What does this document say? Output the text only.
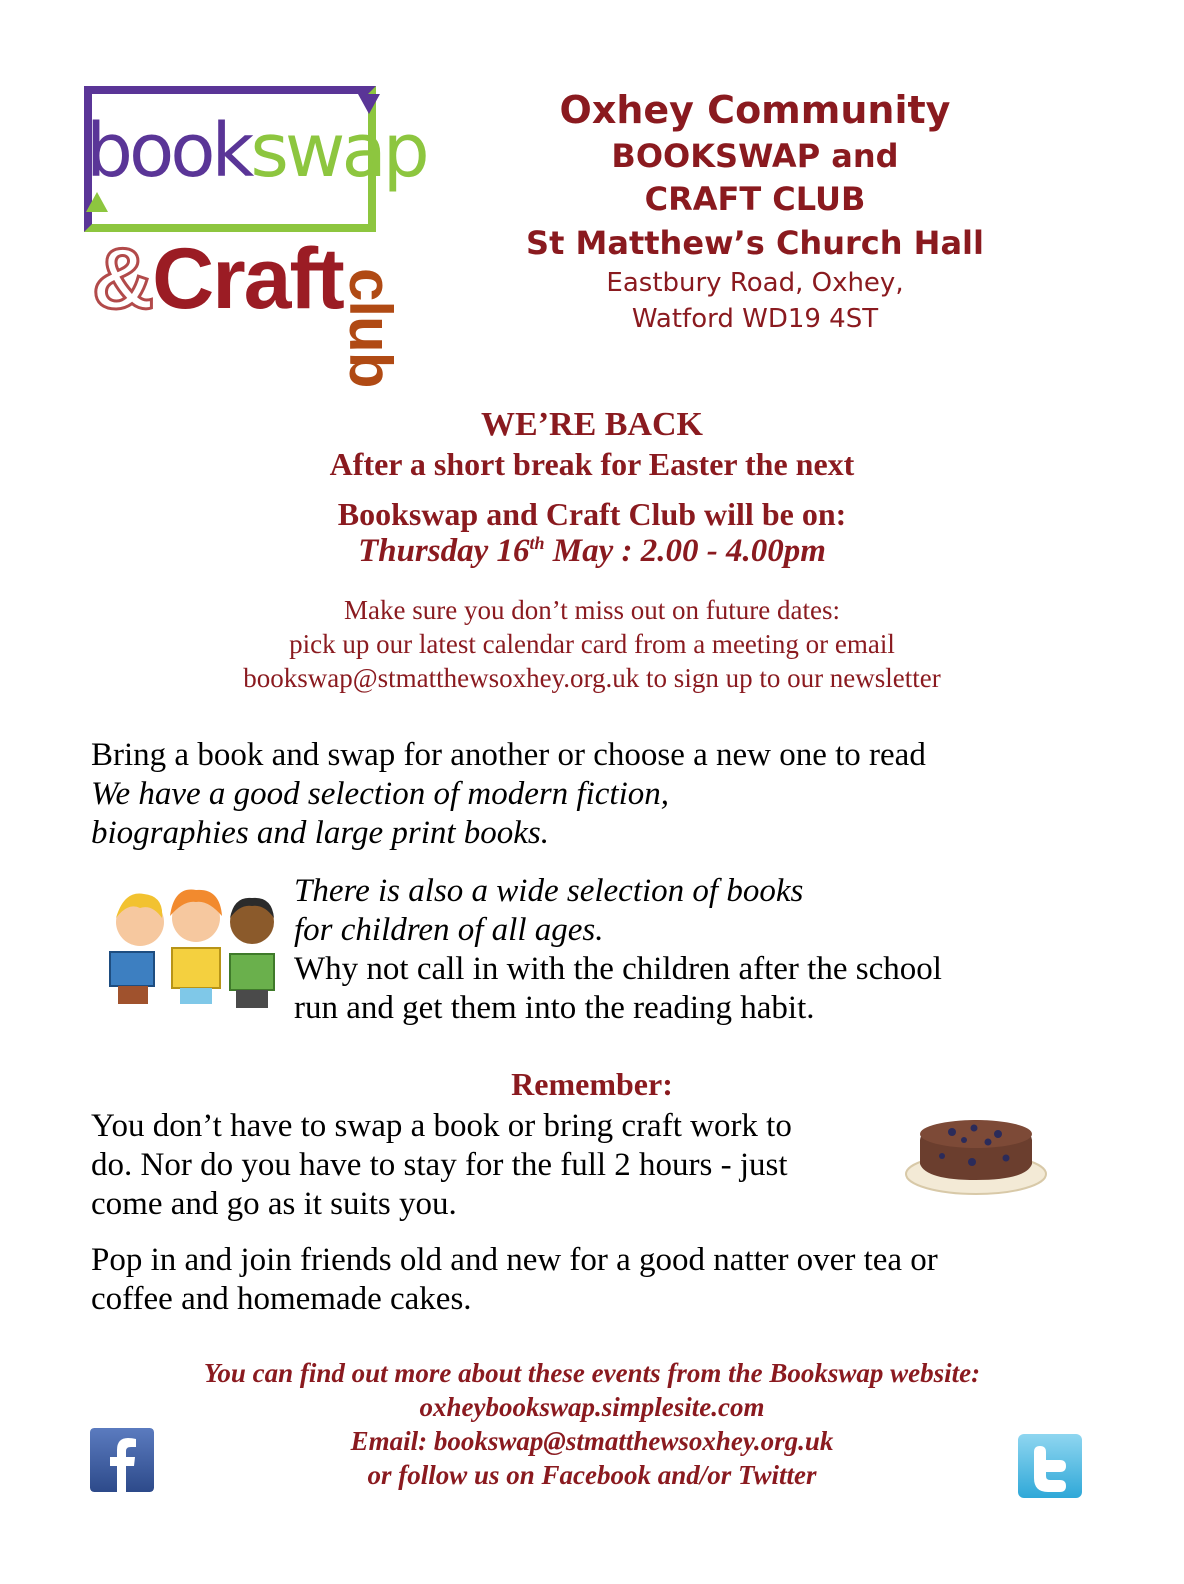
bookswap
&Craft
club
Oxhey Community
BOOKSWAP and
CRAFT CLUB
St Matthew’s Church Hall
Eastbury Road, Oxhey,
Watford WD19 4ST
WE’RE BACK
After a short break for Easter the next
Bookswap and Craft Club will be on:
Thursday 16th May : 2.00 - 4.00pm
Make sure you don’t miss out on future dates:
pick up our latest calendar card from a meeting or email
bookswap@stmatthewsoxhey.org.uk to sign up to our newsletter
Bring a book and swap for another or choose a new one to read
We have a good selection of modern fiction,
biographies and large print books.
There is also a wide selection of books
for children of all ages.
Why not call in with the children after the school
run and get them into the reading habit.
Remember:
You don’t have to swap a book or bring craft work to
do. Nor do you have to stay for the full 2 hours - just
come and go as it suits you.
Pop in and join friends old and new for a good natter over tea or
coffee and homemade cakes.
You can find out more about these events from the Bookswap website:
oxheybookswap.simplesite.com
Email: bookswap@stmatthewsoxhey.org.uk
or follow us on Facebook and/or Twitter
